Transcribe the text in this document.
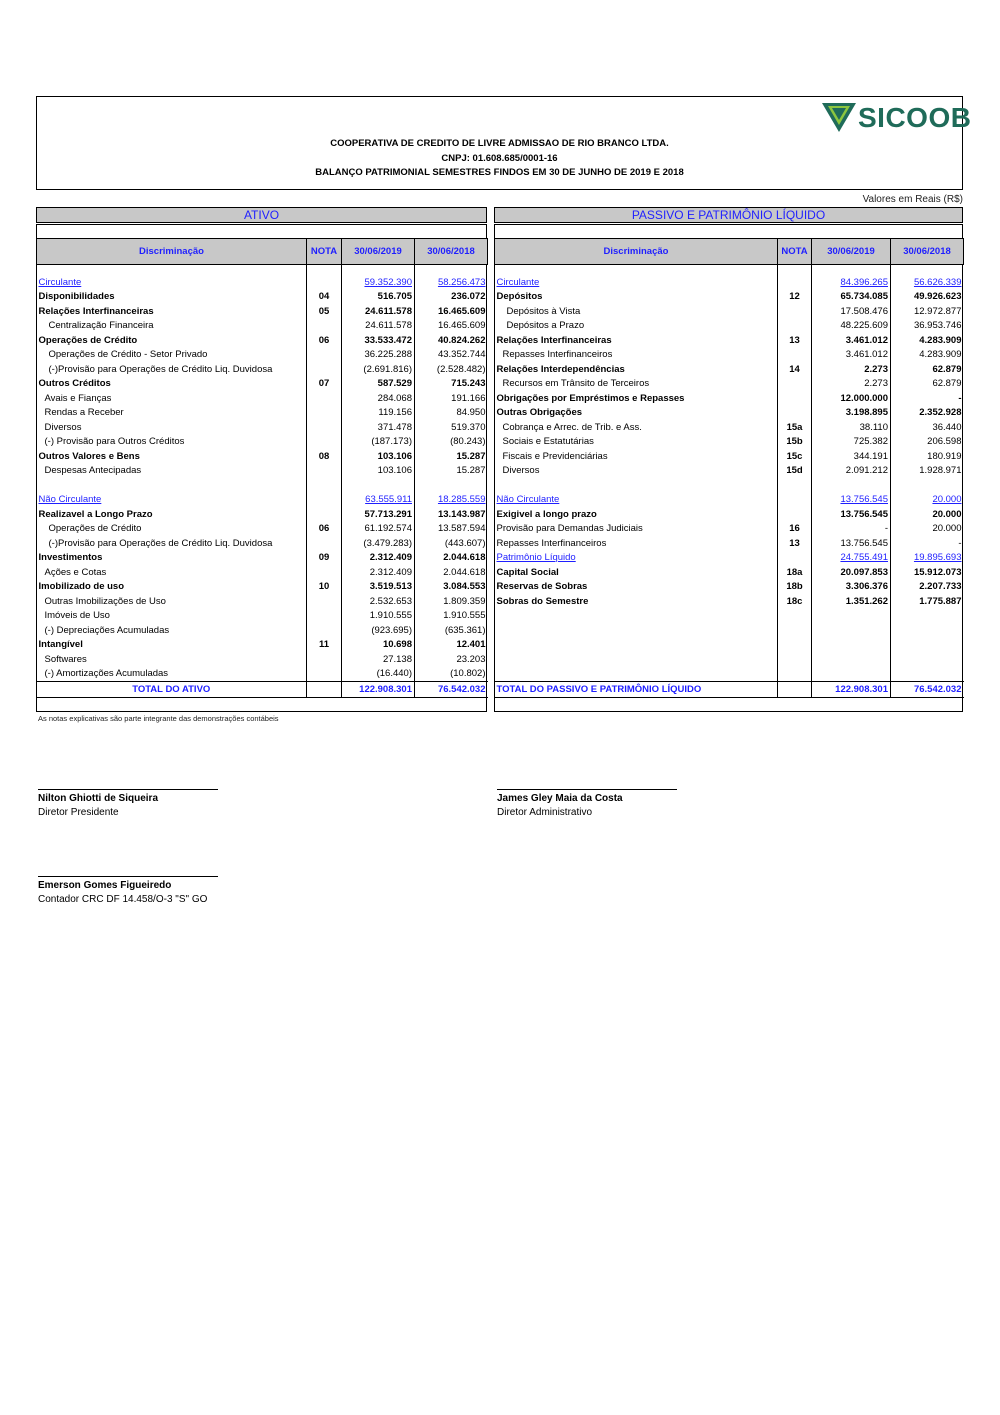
SICOOB
COOPERATIVA DE CREDITO DE LIVRE ADMISSAO DE RIO BRANCO LTDA.
CNPJ: 01.608.685/0001-16
BALANÇO PATRIMONIAL SEMESTRES FINDOS EM 30 DE JUNHO DE 2019 E 2018
Valores em Reais (R$)
ATIVO	PASSIVO E PATRIMÔNIO LÍQUIDO
Discriminação	NOTA	30/06/2019	30/06/2018

Circulante		59.352.390	58.256.473
Disponibilidades	04	516.705	236.072
Relações Interfinanceiras	05	24.611.578	16.465.609
Centralização Financeira		24.611.578	16.465.609
Operações de Crédito	06	33.533.472	40.824.262
Operações de Crédito - Setor Privado		36.225.288	43.352.744
(-)Provisão para Operações de Crédito Liq. Duvidosa		(2.691.816)	(2.528.482)
Outros Créditos	07	587.529	715.243
Avais e Fianças		284.068	191.166
Rendas a Receber		119.156	84.950
Diversos		371.478	519.370
(-) Provisão para Outros Créditos		(187.173)	(80.243)
Outros Valores e Bens	08	103.106	15.287
Despesas Antecipadas		103.106	15.287

Não Circulante		63.555.911	18.285.559
Realizavel a Longo Prazo		57.713.291	13.143.987
Operações de Crédito	06	61.192.574	13.587.594
(-)Provisão para Operações de Crédito Liq. Duvidosa		(3.479.283)	(443.607)
Investimentos	09	2.312.409	2.044.618
Ações e Cotas		2.312.409	2.044.618
Imobilizado de uso	10	3.519.513	3.084.553
Outras Imobilizações de Uso		2.532.653	1.809.359
Imóveis de Uso		1.910.555	1.910.555
(-) Depreciações Acumuladas		(923.695)	(635.361)
Intangível	11	10.698	12.401
Softwares		27.138	23.203
(-) Amortizações Acumuladas		(16.440)	(10.802)
TOTAL DO ATIVO		122.908.301	76.542.032
Discriminação	NOTA	30/06/2019	30/06/2018

Circulante		84.396.265	56.626.339
Depósitos	12	65.734.085	49.926.623
Depósitos à Vista		17.508.476	12.972.877
Depósitos a Prazo		48.225.609	36.953.746
Relações Interfinanceiras	13	3.461.012	4.283.909
Repasses Interfinanceiros		3.461.012	4.283.909
Relações Interdependências	14	2.273	62.879
Recursos em Trânsito de Terceiros		2.273	62.879
Obrigações por Empréstimos e Repasses		12.000.000	-
Outras Obrigações		3.198.895	2.352.928
Cobrança e Arrec. de Trib. e Ass.	15a	38.110	36.440
Sociais e Estatutárias	15b	725.382	206.598
Fiscais e Previdenciárias	15c	344.191	180.919
Diversos	15d	2.091.212	1.928.971

Não Circulante		13.756.545	20.000
Exigivel a longo prazo		13.756.545	20.000
Provisão para Demandas Judiciais	16	-	20.000
Repasses Interfinanceiros	13	13.756.545	-
Patrimônio Líquido		24.755.491	19.895.693
Capital Social	18a	20.097.853	15.912.073
Reservas de Sobras	18b	3.306.376	2.207.733
Sobras do Semestre	18c	1.351.262	1.775.887

TOTAL DO PASSIVO E PATRIMÔNIO LÍQUIDO		122.908.301	76.542.032
As notas explicativas são parte integrante das demonstrações contábeis
Nilton Ghiotti de Siqueira
Diretor Presidente
James Gley Maia da Costa
Diretor Administrativo
Emerson Gomes Figueiredo
Contador CRC DF 14.458/O-3 "S" GO
